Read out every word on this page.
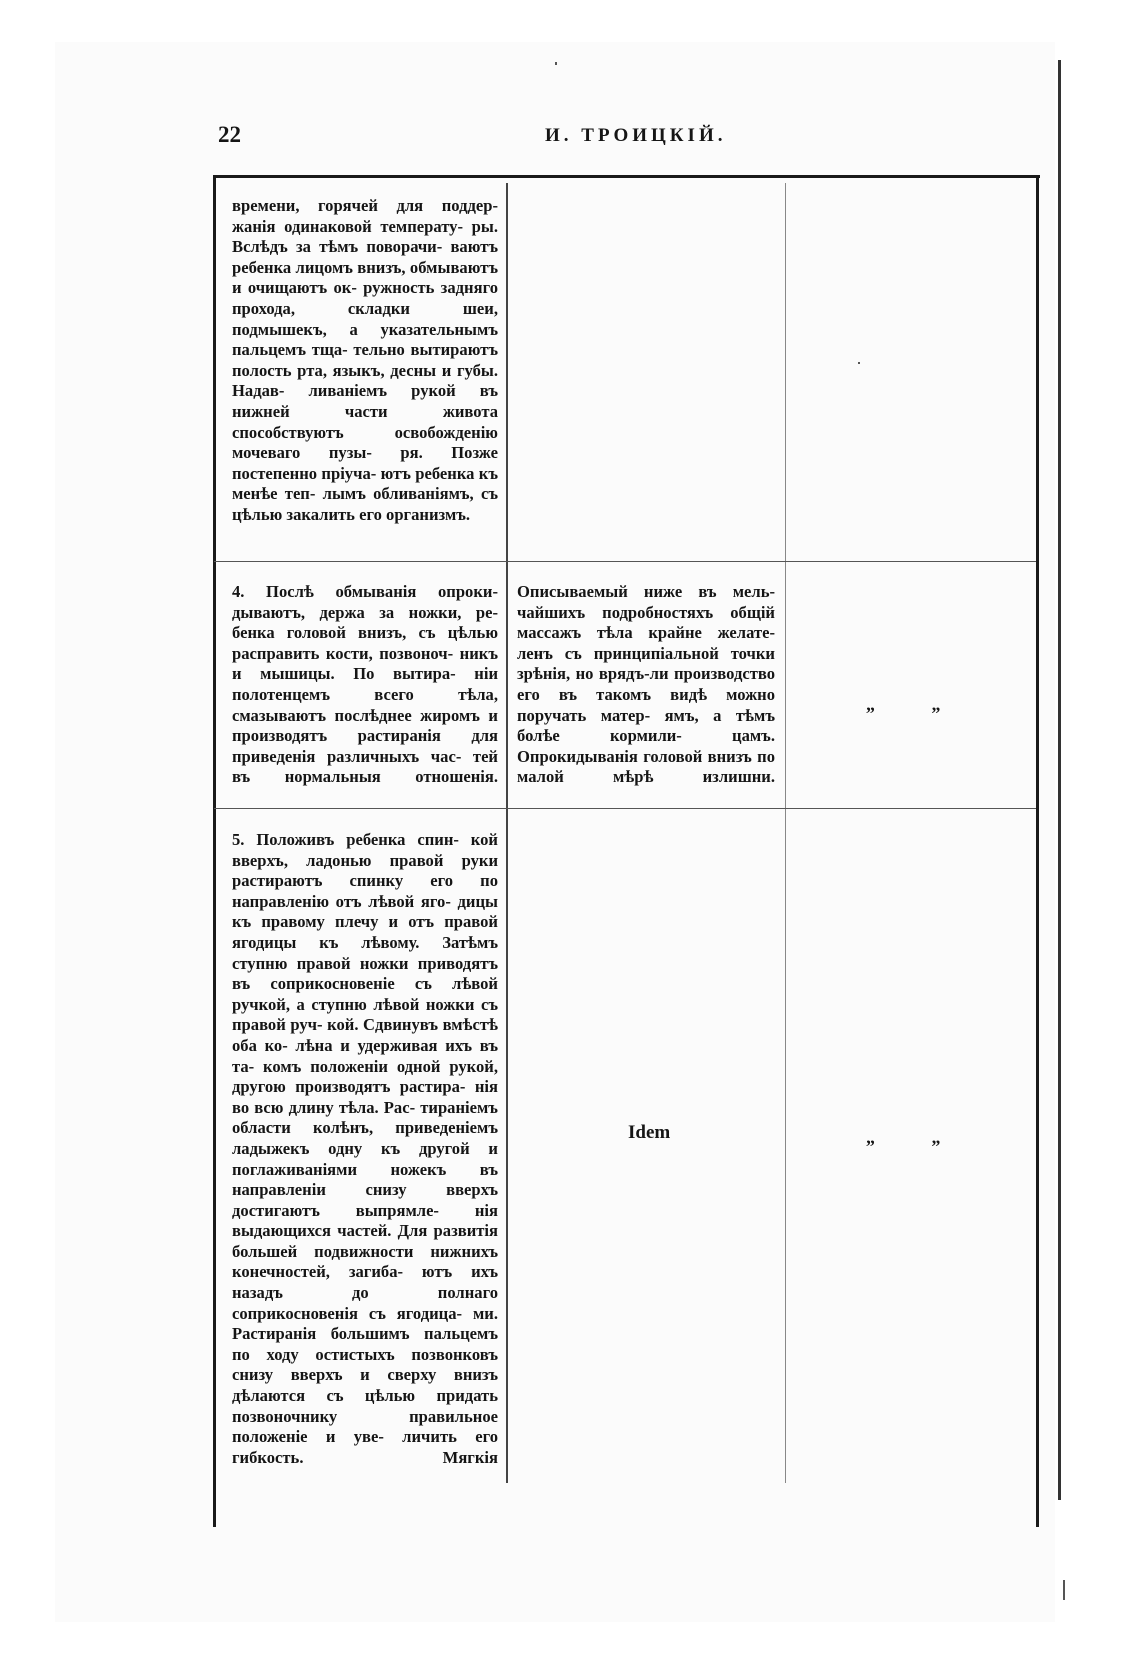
22	И. ТРОИЦКІЙ.
времени, горячей для поддер- жанія одинаковой температу- ры. Вслѣдъ за тѣмъ поворачи- ваютъ ребенка лицомъ внизъ, обмываютъ и очищаютъ ок- ружность задняго прохода, складки шеи, подмышекъ, а указательнымъ пальцемъ тща- тельно вытираютъ полость рта, языкъ, десны и губы. Надав- ливаніемъ рукой въ нижней части живота способствуютъ освобожденію мочеваго пузы- ря. Позже постепенно пріуча- ютъ ребенка къ менѣе теп- лымъ обливаніямъ, съ цѣлью закалить его организмъ.
4. Послѣ обмыванія опроки- дываютъ, держа за ножки, ре- бенка головой внизъ, съ цѣлью расправить кости, позвоноч- никъ и мышицы. По вытира- ніи полотенцемъ всего тѣла, смазываютъ послѣднее жиромъ и производятъ растиранія для приведенія различныхъ час- тей въ нормальныя отношенія.
Описываемый ниже въ мель- чайшихъ подробностяхъ общій массажъ тѣла крайне желате- ленъ съ принципіальной точки зрѣнія, но врядъ-ли производство его въ такомъ видѣ можно поручать матер- ямъ, а тѣмъ болѣе кормили- цамъ. Опрокидыванія головой внизъ по малой мѣрѣ излишни.
„ „
5. Положивъ ребенка спин- кой вверхъ, ладонью правой руки растираютъ спинку его по направленію отъ лѣвой яго- дицы къ правому плечу и отъ правой ягодицы къ лѣвому. Затѣмъ ступню правой ножки приводятъ въ соприкосновеніе съ лѣвой ручкой, а ступню лѣвой ножки съ правой руч- кой. Сдвинувъ вмѣстѣ оба ко- лѣна и удерживая ихъ въ та- комъ положеніи одной рукой, другою производятъ растира- нія во всю длину тѣла. Рас- тираніемъ области колѣнъ, приведеніемъ ладыжекъ одну къ другой и поглаживаніями ножекъ въ направленіи снизу вверхъ достигаютъ выпрямле- нія выдающихся частей. Для развитія большей подвижности нижнихъ конечностей, загиба- ютъ ихъ назадъ до полнаго соприкосновенія съ ягодица- ми. Растиранія большимъ пальцемъ по ходу остистыхъ позвонковъ снизу вверхъ и сверху внизъ дѣлаются съ цѣлью придать позвоночнику правильное положеніе и уве- личить его гибкость. Мягкія
Idem	„ „
